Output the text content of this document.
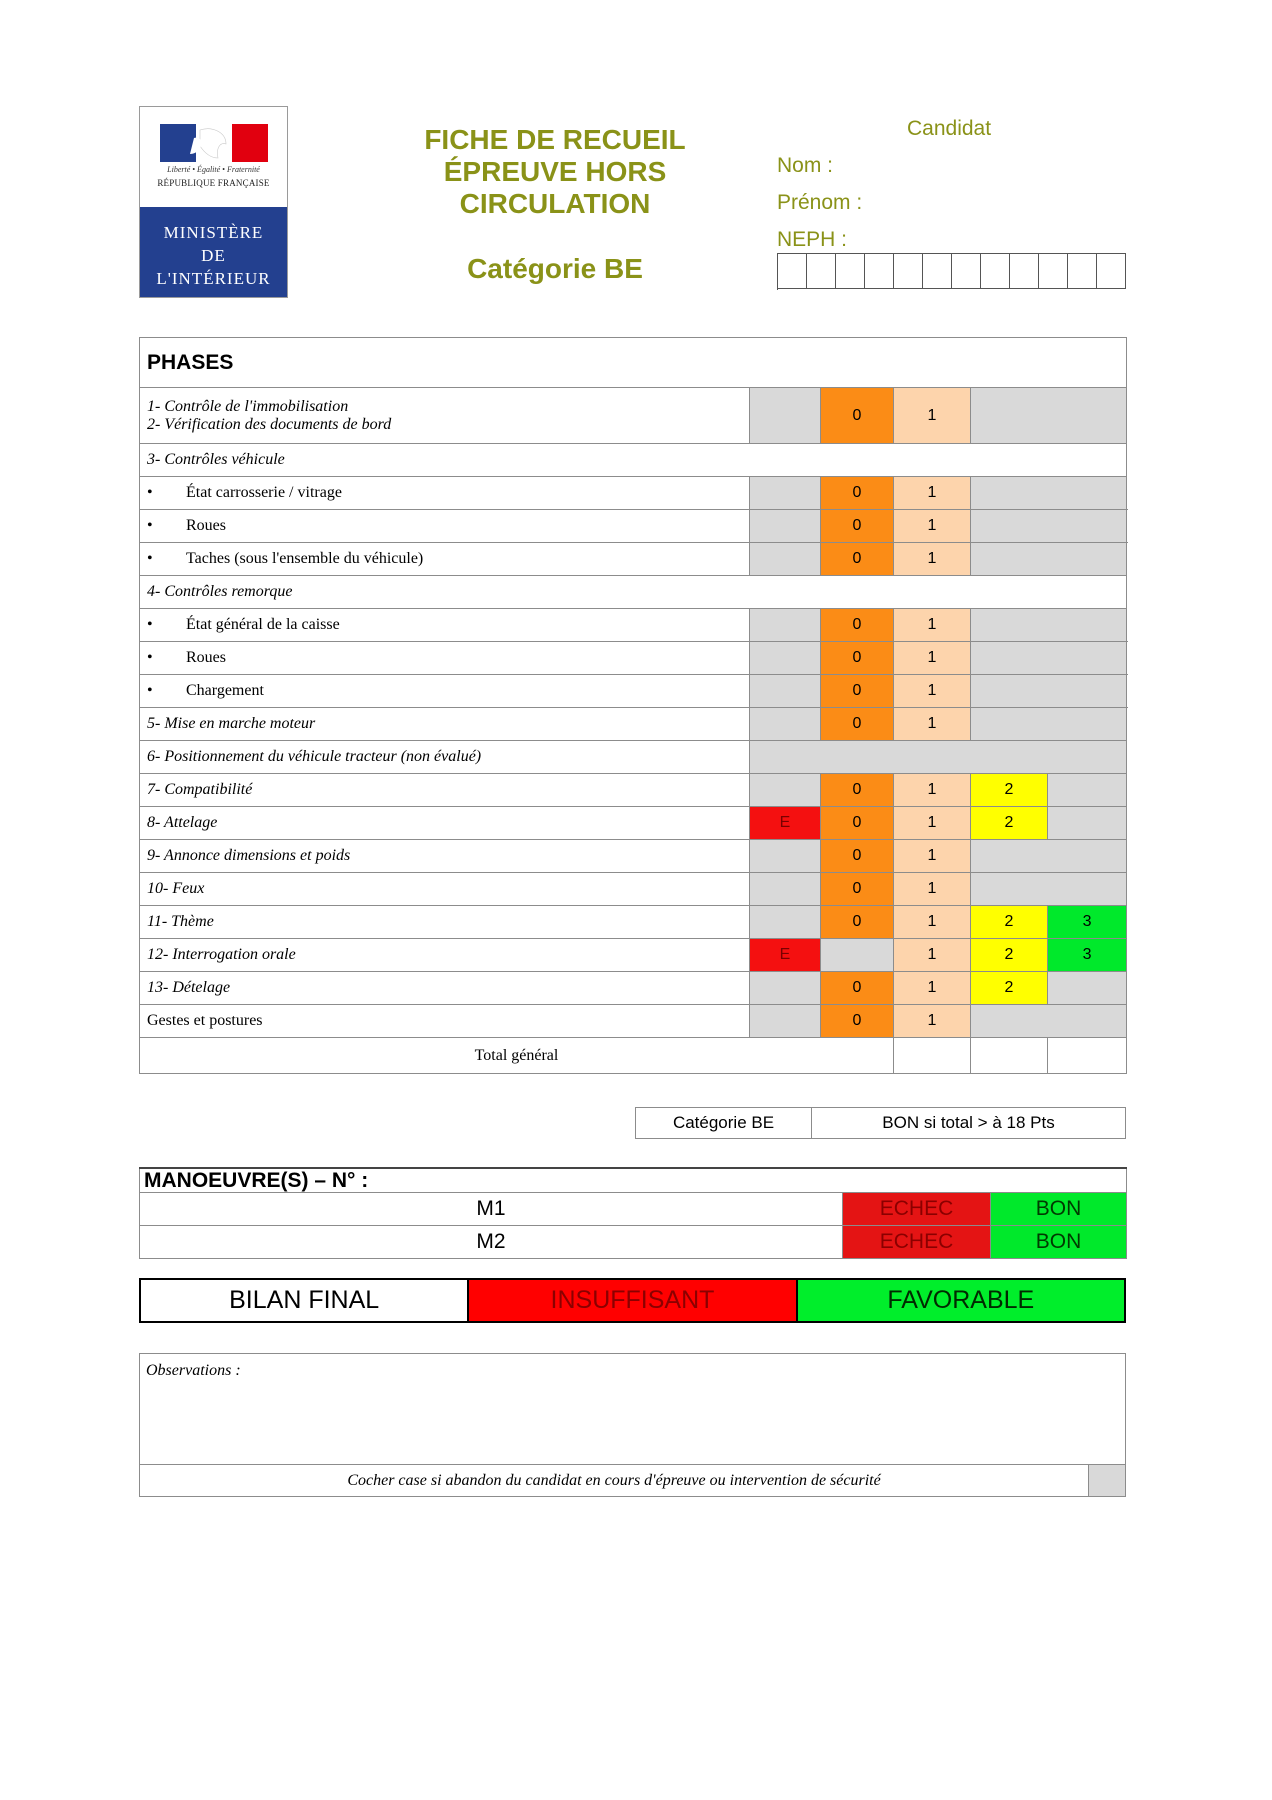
Liberté • Égalité • Fraternité
RÉPUBLIQUE FRANÇAISE
MINISTÈRE
DE
L'INTÉRIEUR
FICHE DE RECUEIL
ÉPREUVE HORS
CIRCULATION
Catégorie BE
Candidat
Nom :
Prénom :
NEPH :
PHASES					
1- Contrôle de l'immobilisation
2- Vérification des documents de bord		0	1		
3- Contrôles véhicule					
• État carrosserie / vitrage		0	1		
• Roues		0	1		
• Taches (sous l'ensemble du véhicule)		0	1		
4- Contrôles remorque					
• État général de la caisse		0	1		
• Roues		0	1		
• Chargement		0	1		
5- Mise en marche moteur		0	1		
6- Positionnement du véhicule tracteur (non évalué)					
7- Compatibilité		0	1	2	
8- Attelage	E	0	1	2	
9- Annonce dimensions et poids		0	1		
10- Feux		0	1		
11- Thème		0	1	2	3
12- Interrogation orale	E		1	2	3
13- Dételage		0	1	2	
Gestes et postures		0	1		
Total général					
Catégorie BE	BON si total > à 18 Pts
MANOEUVRE(S) – N° :		
M1	ECHEC	BON
M2	ECHEC	BON
BILAN FINAL	INSUFFISANT	FAVORABLE
Observations :
Cocher case si abandon du candidat en cours d'épreuve ou intervention de sécurité
